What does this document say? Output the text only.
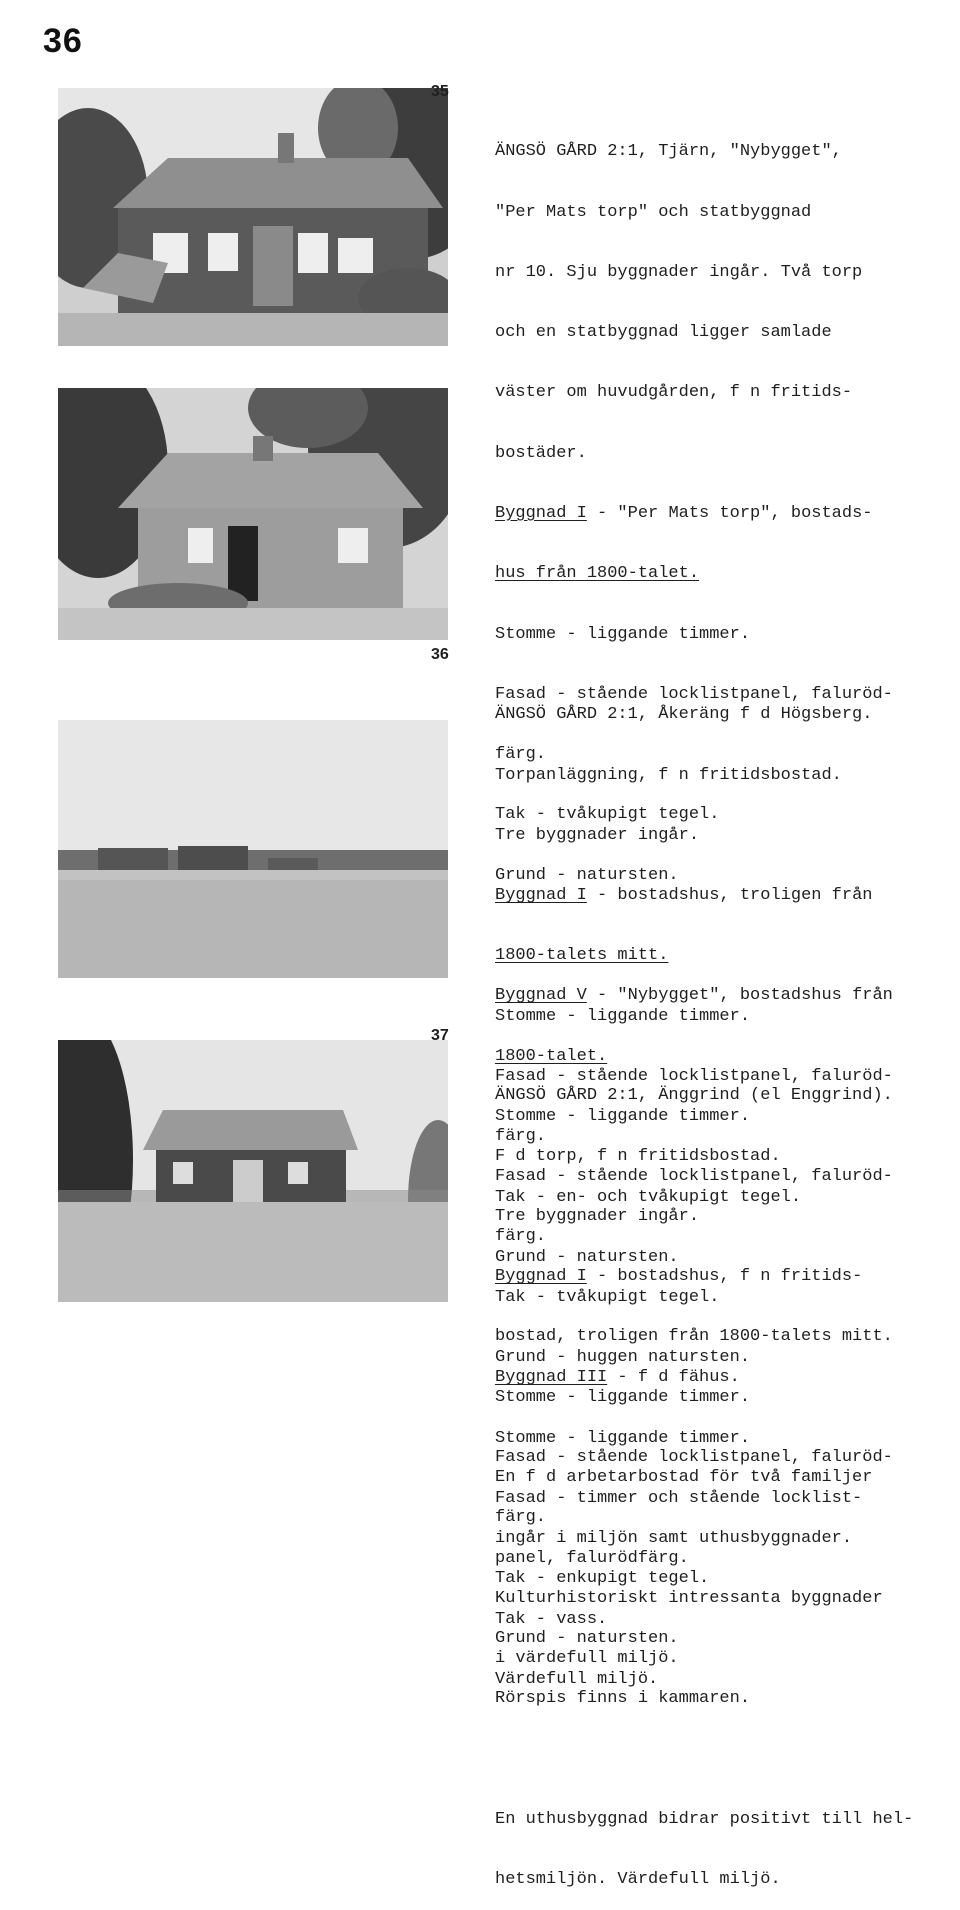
36

35

ÄNGSÖ GÅRD 2:1, Tjärn, "Nybygget",

"Per Mats torp" och statbyggnad

nr 10. Sju byggnader ingår. Två torp

och en statbyggnad ligger samlade

väster om huvudgården, f n fritids-

bostäder.

Byggnad I - "Per Mats torp", bostads-

hus från 1800-talet.

Stomme - liggande timmer.

Fasad - stående locklistpanel, faluröd-

färg.

Tak - tvåkupigt tegel.

Grund - natursten.

Byggnad V - "Nybygget", bostadshus från

1800-talet.

Stomme - liggande timmer.

Fasad - stående locklistpanel, faluröd-

färg.

Tak - tvåkupigt tegel.

Grund - huggen natursten.

En f d arbetarbostad för två familjer

ingår i miljön samt uthusbyggnader.

Kulturhistoriskt intressanta byggnader

i värdefull miljö.

36

ÄNGSÖ GÅRD 2:1, Åkeräng f d Högsberg.

Torpanläggning, f n fritidsbostad.

Tre byggnader ingår.

Byggnad I - bostadshus, troligen från

1800-talets mitt.

Stomme - liggande timmer.

Fasad - stående locklistpanel, faluröd-

färg.

Tak - en- och tvåkupigt tegel.

Grund - natursten.

Byggnad III - f d fähus.

Stomme - liggande timmer.

Fasad - timmer och stående locklist-

panel, falurödfärg.

Tak - vass.

Värdefull miljö.

37

ÄNGSÖ GÅRD 2:1, Änggrind (el Enggrind).

F d torp, f n fritidsbostad.

Tre byggnader ingår.

Byggnad I - bostadshus, f n fritids-

bostad, troligen från 1800-talets mitt.

Stomme - liggande timmer.

Fasad - stående locklistpanel, faluröd-

färg.

Tak - enkupigt tegel.

Grund - natursten.

Rörspis finns i kammaren.

En uthusbyggnad bidrar positivt till hel-

hetsmiljön. Värdefull miljö.
